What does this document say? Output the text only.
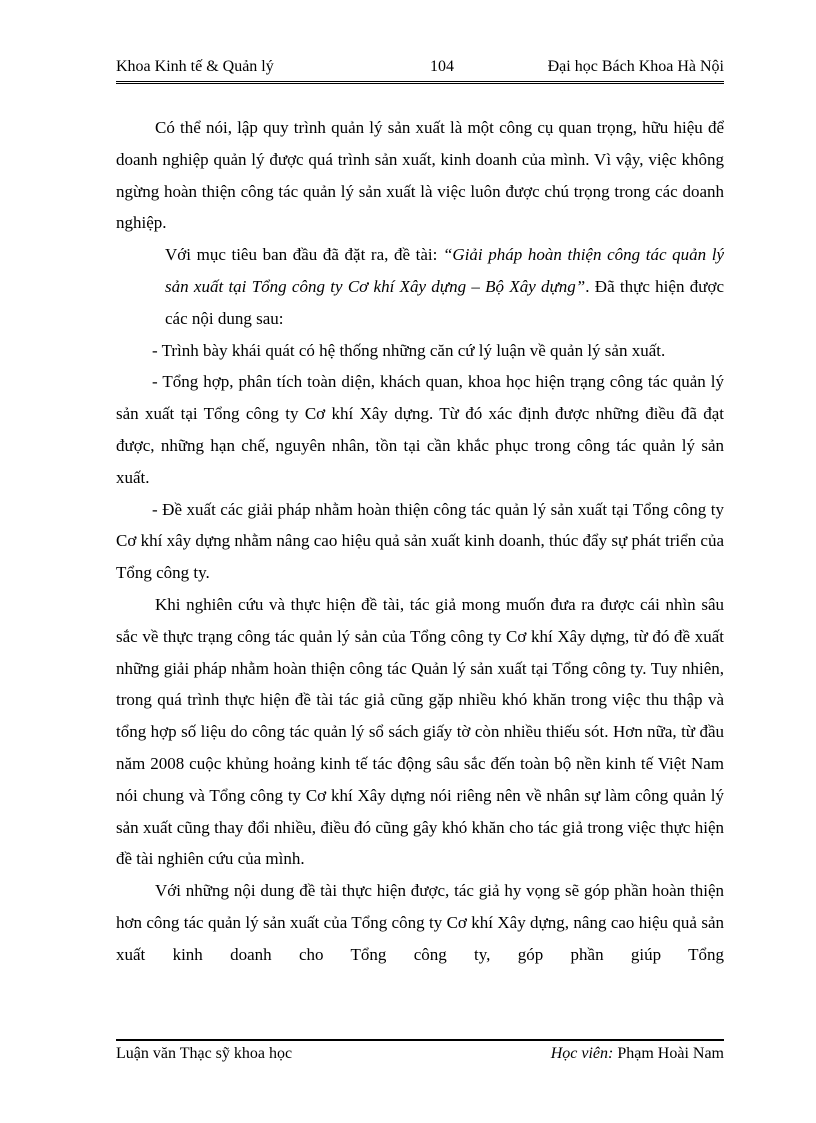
Khoa Kinh tế & Quản lý	104	Đại học Bách Khoa Hà Nội

Có thể nói, lập quy trình quản lý sản xuất là một công cụ quan trọng, hữu hiệu để doanh nghiệp quản lý được quá trình sản xuất, kinh doanh của mình. Vì vậy, việc không ngừng hoàn thiện công tác quản lý sản xuất là việc luôn được chú trọng trong các doanh nghiệp.

Với mục tiêu ban đầu đã đặt ra, đề tài: “Giải pháp hoàn thiện công tác quản lý sản xuất tại Tổng công ty Cơ khí Xây dựng – Bộ Xây dựng”. Đã thực hiện được các nội dung sau:

- Trình bày khái quát có hệ thống những căn cứ lý luận về quản lý sản xuất.

- Tổng hợp, phân tích toàn diện, khách quan, khoa học hiện trạng công tác quản lý sản xuất tại Tổng công ty Cơ khí Xây dựng. Từ đó xác định được những điều đã đạt được, những hạn chế, nguyên nhân, tồn tại cần khắc phục trong công tác quản lý sản xuất.

- Đề xuất các giải pháp nhằm hoàn thiện công tác quản lý sản xuất tại Tổng công ty Cơ khí xây dựng nhằm nâng cao hiệu quả sản xuất kinh doanh, thúc đẩy sự phát triển của Tổng công ty.

Khi nghiên cứu và thực hiện đề tài, tác giả mong muốn đưa ra được cái nhìn sâu sắc về thực trạng công tác quản lý sản của Tổng công ty Cơ khí Xây dựng, từ đó đề xuất những giải pháp nhằm hoàn thiện công tác Quản lý sản xuất tại Tổng công ty. Tuy nhiên, trong quá trình thực hiện đề tài tác giả cũng gặp nhiều khó khăn trong việc thu thập và tổng hợp số liệu do công tác quản lý sổ sách giấy tờ còn nhiều thiếu sót. Hơn nữa, từ đầu năm 2008 cuộc khủng hoảng kinh tế tác động sâu sắc đến toàn bộ nền kinh tế Việt Nam nói chung và Tổng công ty Cơ khí Xây dựng nói riêng nên về nhân sự làm công quản lý sản xuất cũng thay đổi nhiều, điều đó cũng gây khó khăn cho tác giả trong việc thực hiện đề tài nghiên cứu của mình.

Với những nội dung đề tài thực hiện được, tác giả hy vọng sẽ góp phần hoàn thiện hơn công tác quản lý sản xuất của Tổng công ty Cơ khí Xây dựng, nâng cao hiệu quả sản xuất kinh doanh cho Tổng công ty, góp phần giúp Tổng

Luận văn Thạc sỹ khoa học	Học viên: Phạm Hoài Nam
